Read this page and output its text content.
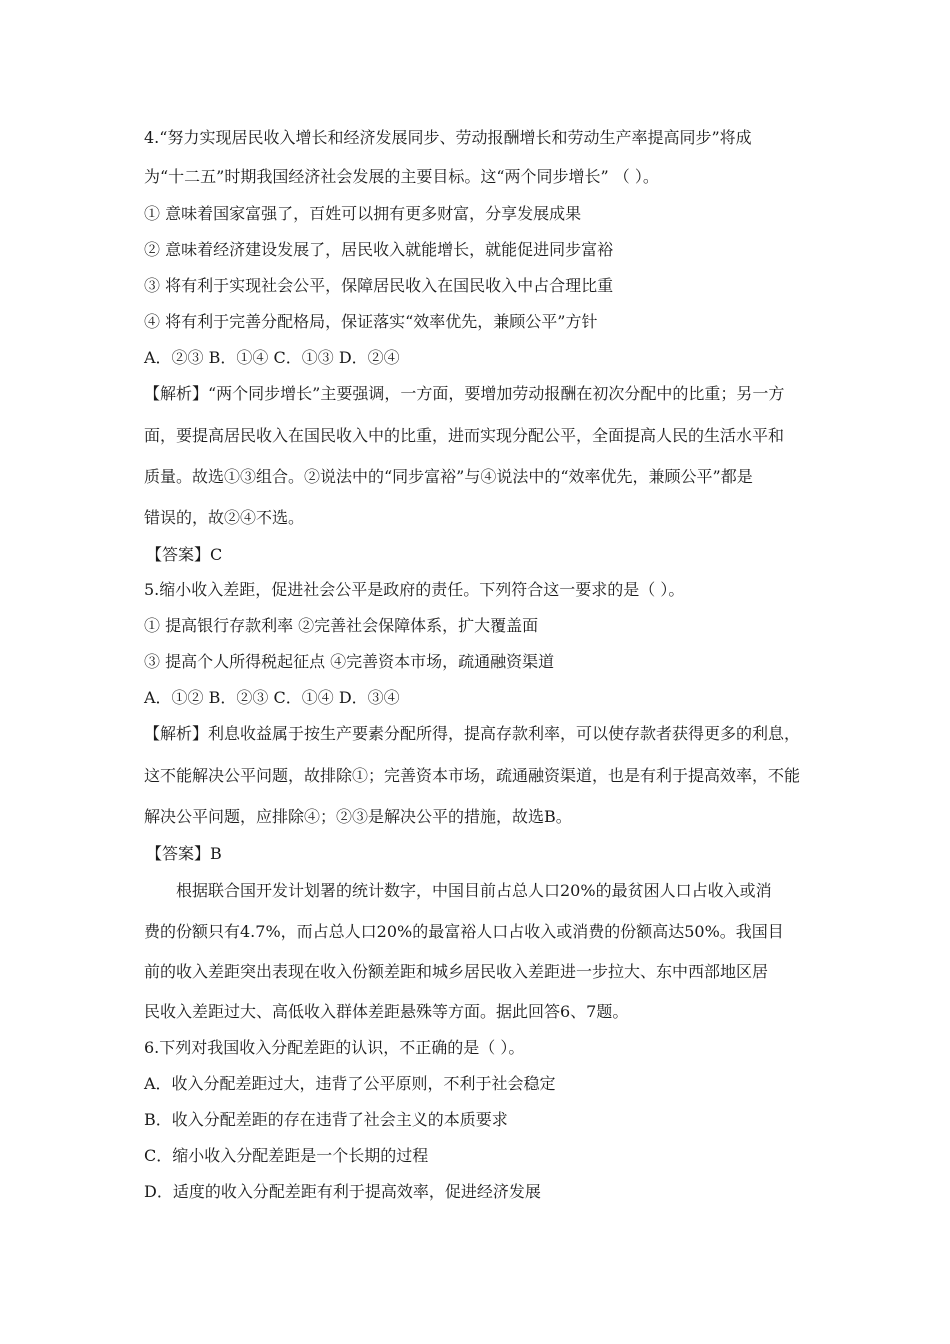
4.“努力实现居民收入增长和经济发展同步、劳动报酬增长和劳动生产率提高同步”将成
为“十二五”时期我国经济社会发展的主要目标。这“两个同步增长” （ ）。
① 意味着国家富强了，百姓可以拥有更多财富，分享发展成果
② 意味着经济建设发展了，居民收入就能增长，就能促进同步富裕
③ 将有利于实现社会公平，保障居民收入在国民收入中占合理比重
④ 将有利于完善分配格局，保证落实“效率优先，兼顾公平”方针
A．②③ B．①④ C．①③ D．②④
【解析】“两个同步增长”主要强调，一方面，要增加劳动报酬在初次分配中的比重；另一方
面，要提高居民收入在国民收入中的比重，进而实现分配公平，全面提高人民的生活水平和
质量。故选①③组合。②说法中的“同步富裕”与④说法中的“效率优先，兼顾公平”都是
错误的，故②④不选。
【答案】C
5.缩小收入差距，促进社会公平是政府的责任。下列符合这一要求的是（ ）。
① 提高银行存款利率 ②完善社会保障体系，扩大覆盖面
③ 提高个人所得税起征点 ④完善资本市场，疏通融资渠道
A．①② B．②③ C．①④ D．③④
【解析】利息收益属于按生产要素分配所得，提高存款利率，可以使存款者获得更多的利息，
这不能解决公平问题，故排除①；完善资本市场，疏通融资渠道，也是有利于提高效率，不能
解决公平问题，应排除④；②③是解决公平的措施，故选B。
【答案】B
根据联合国开发计划署的统计数字，中国目前占总人口20%的最贫困人口占收入或消
费的份额只有4.7%，而占总人口20%的最富裕人口占收入或消费的份额高达50%。我国目
前的收入差距突出表现在收入份额差距和城乡居民收入差距进一步拉大、东中西部地区居
民收入差距过大、高低收入群体差距悬殊等方面。据此回答6、7题。
6.下列对我国收入分配差距的认识，不正确的是（ ）。
A．收入分配差距过大，违背了公平原则，不利于社会稳定
B．收入分配差距的存在违背了社会主义的本质要求
C．缩小收入分配差距是一个长期的过程
D．适度的收入分配差距有利于提高效率，促进经济发展
